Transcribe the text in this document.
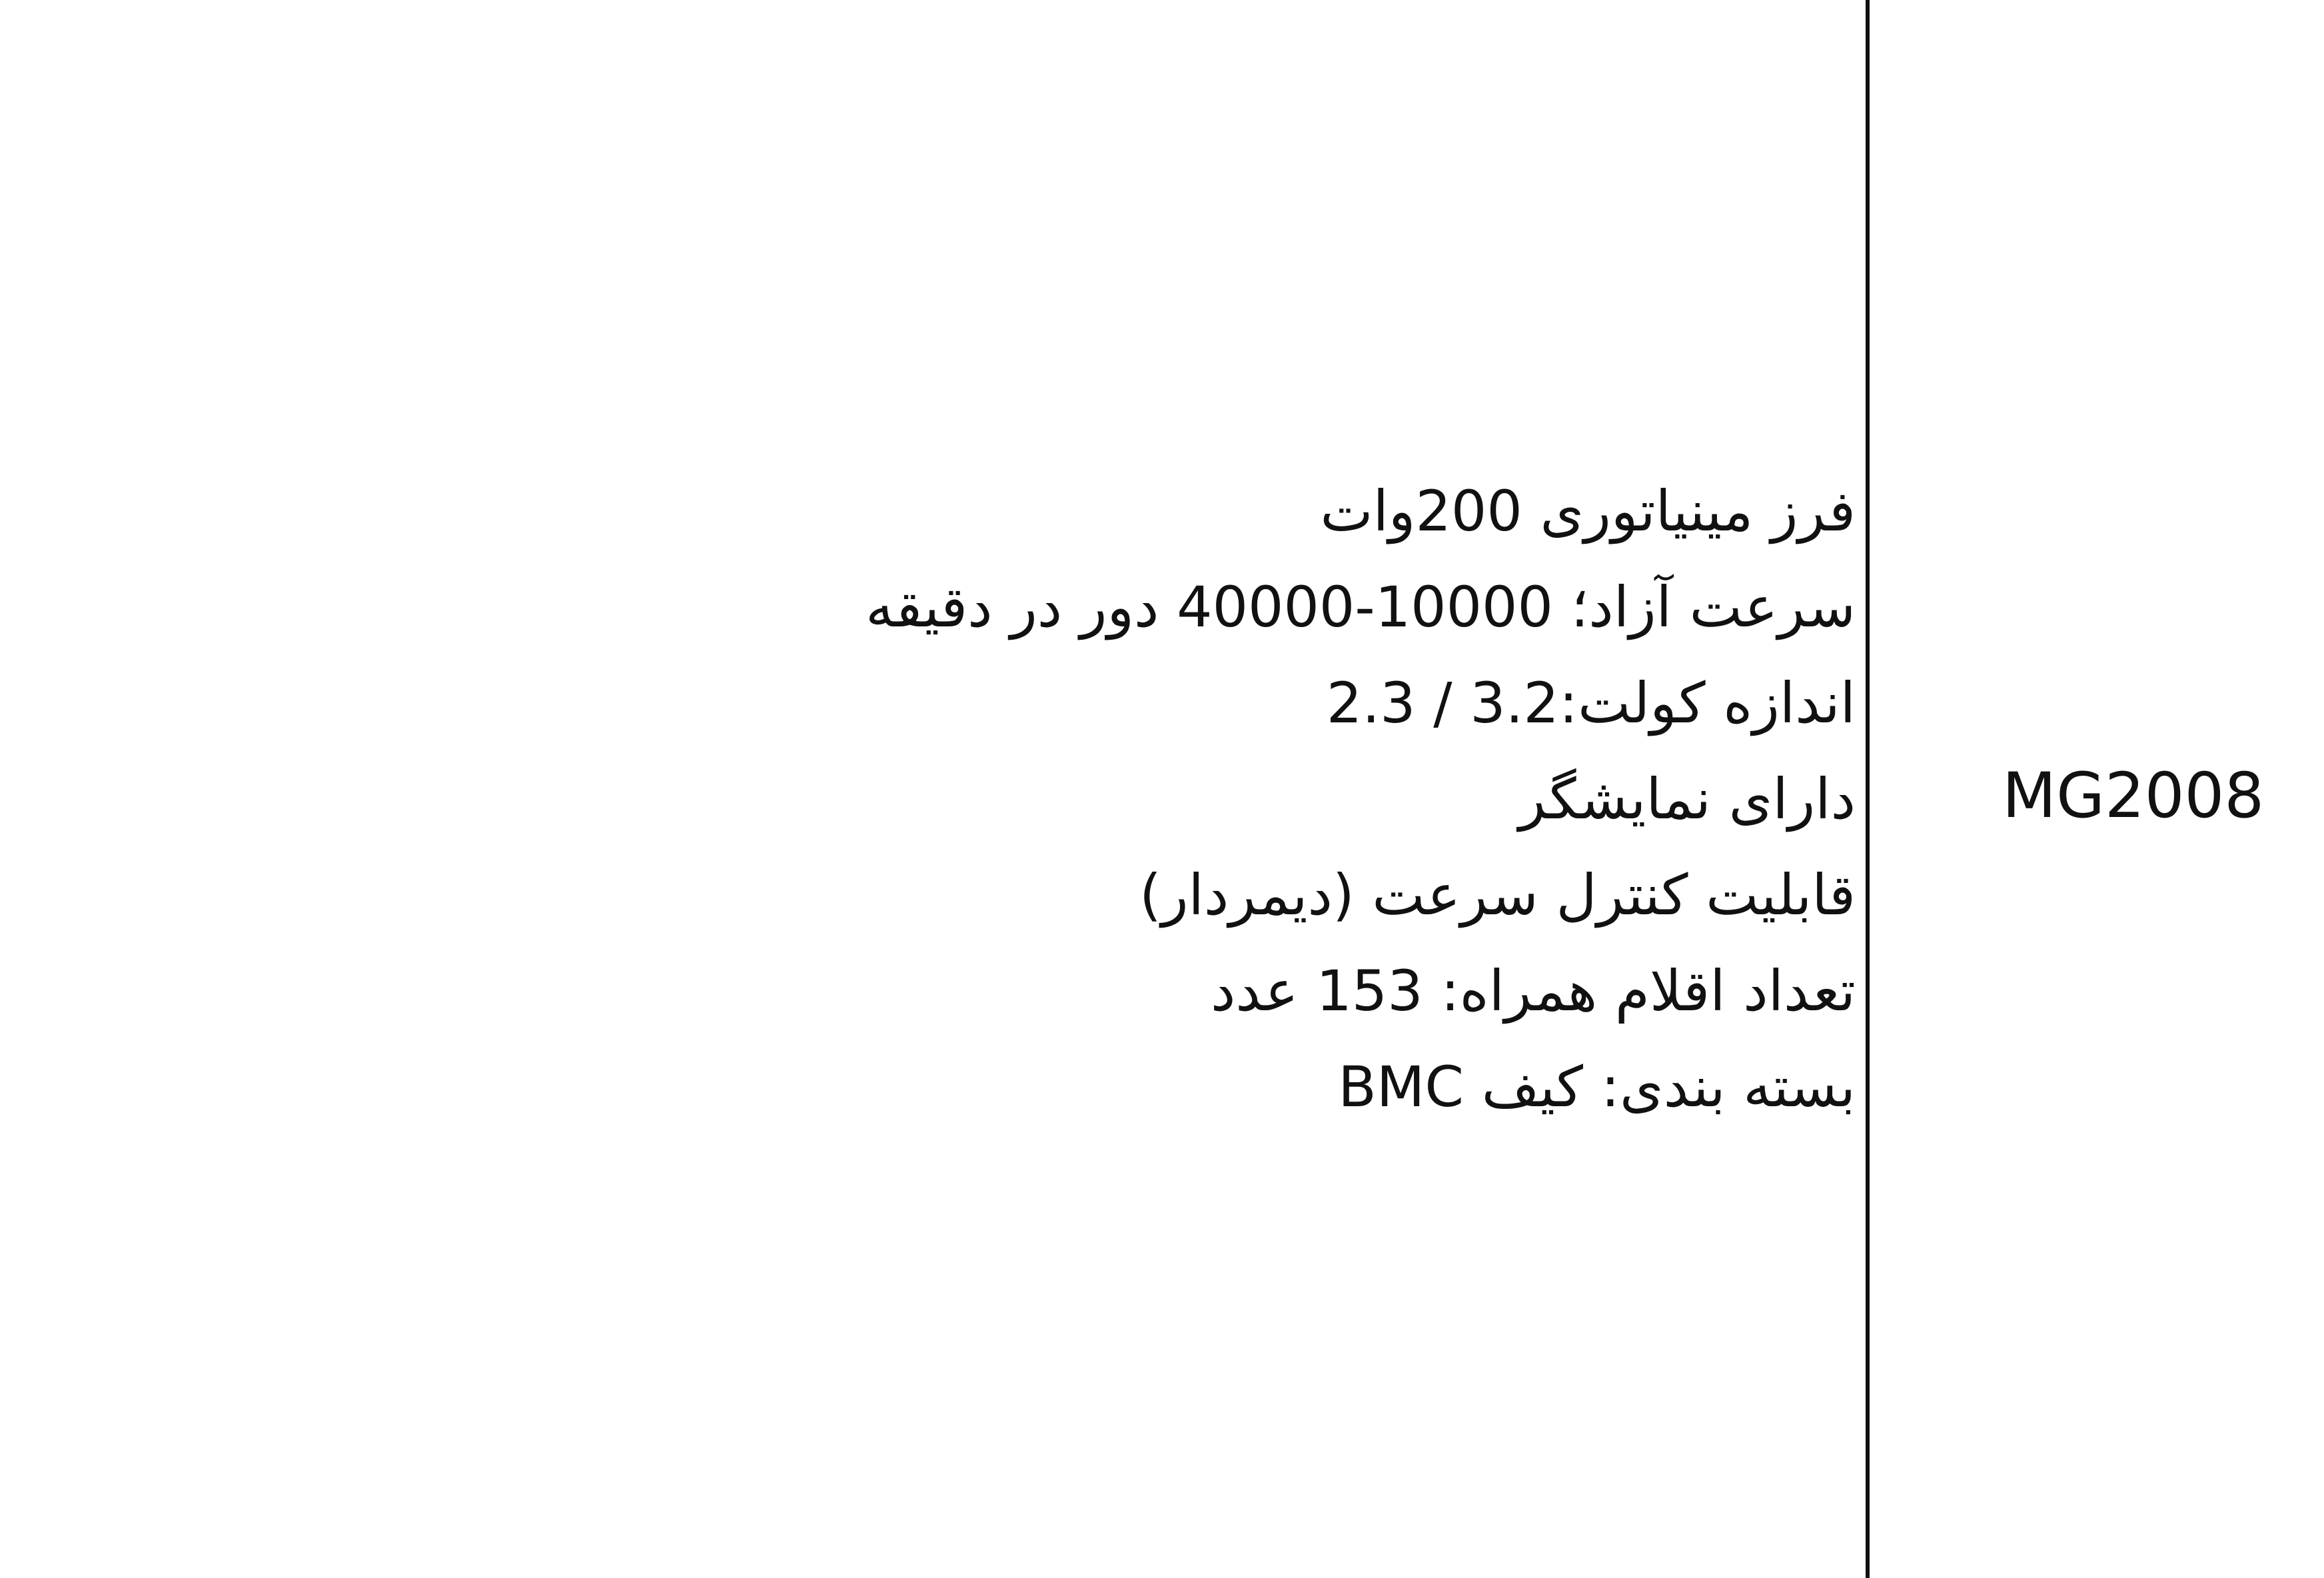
فرز مینیاتوری 200وات
سرعت آزاد؛ 10000-40000 دور در دقیقه
اندازه کولت:3.2 / 2.3
دارای نمایشگر
قابلیت کنترل سرعت (دیمردار)
تعداد اقلام همراه: 153 عدد
بسته بندی: کیف BMC
MG2008
